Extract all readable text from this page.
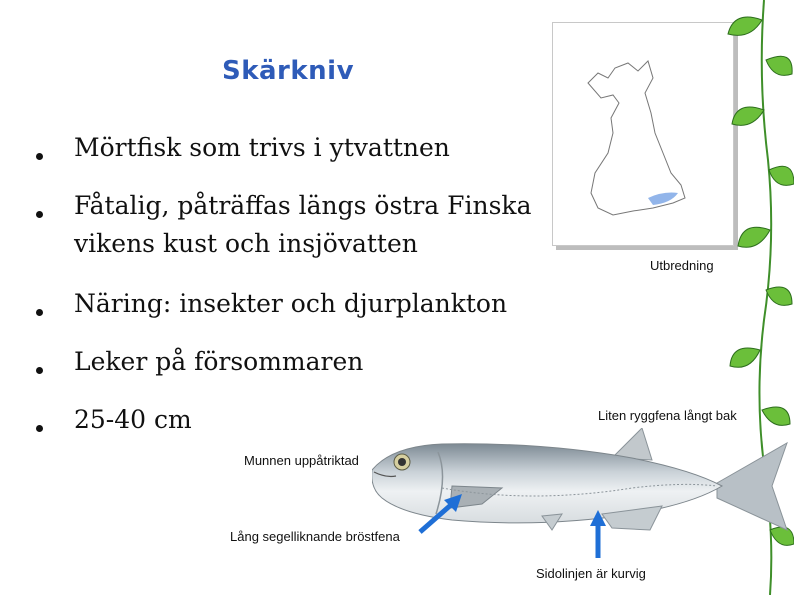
Skärkniv
Mörtfisk som trivs i ytvattnen
Fåtalig, påträffas längs östra Finska
vikens kust och insjövatten
Näring: insekter och djurplankton
Leker på försommaren
25-40 cm
Utbredning
Liten ryggfena långt bak
Munnen uppåtriktad
Lång segelliknande bröstfena
Sidolinjen är kurvig
